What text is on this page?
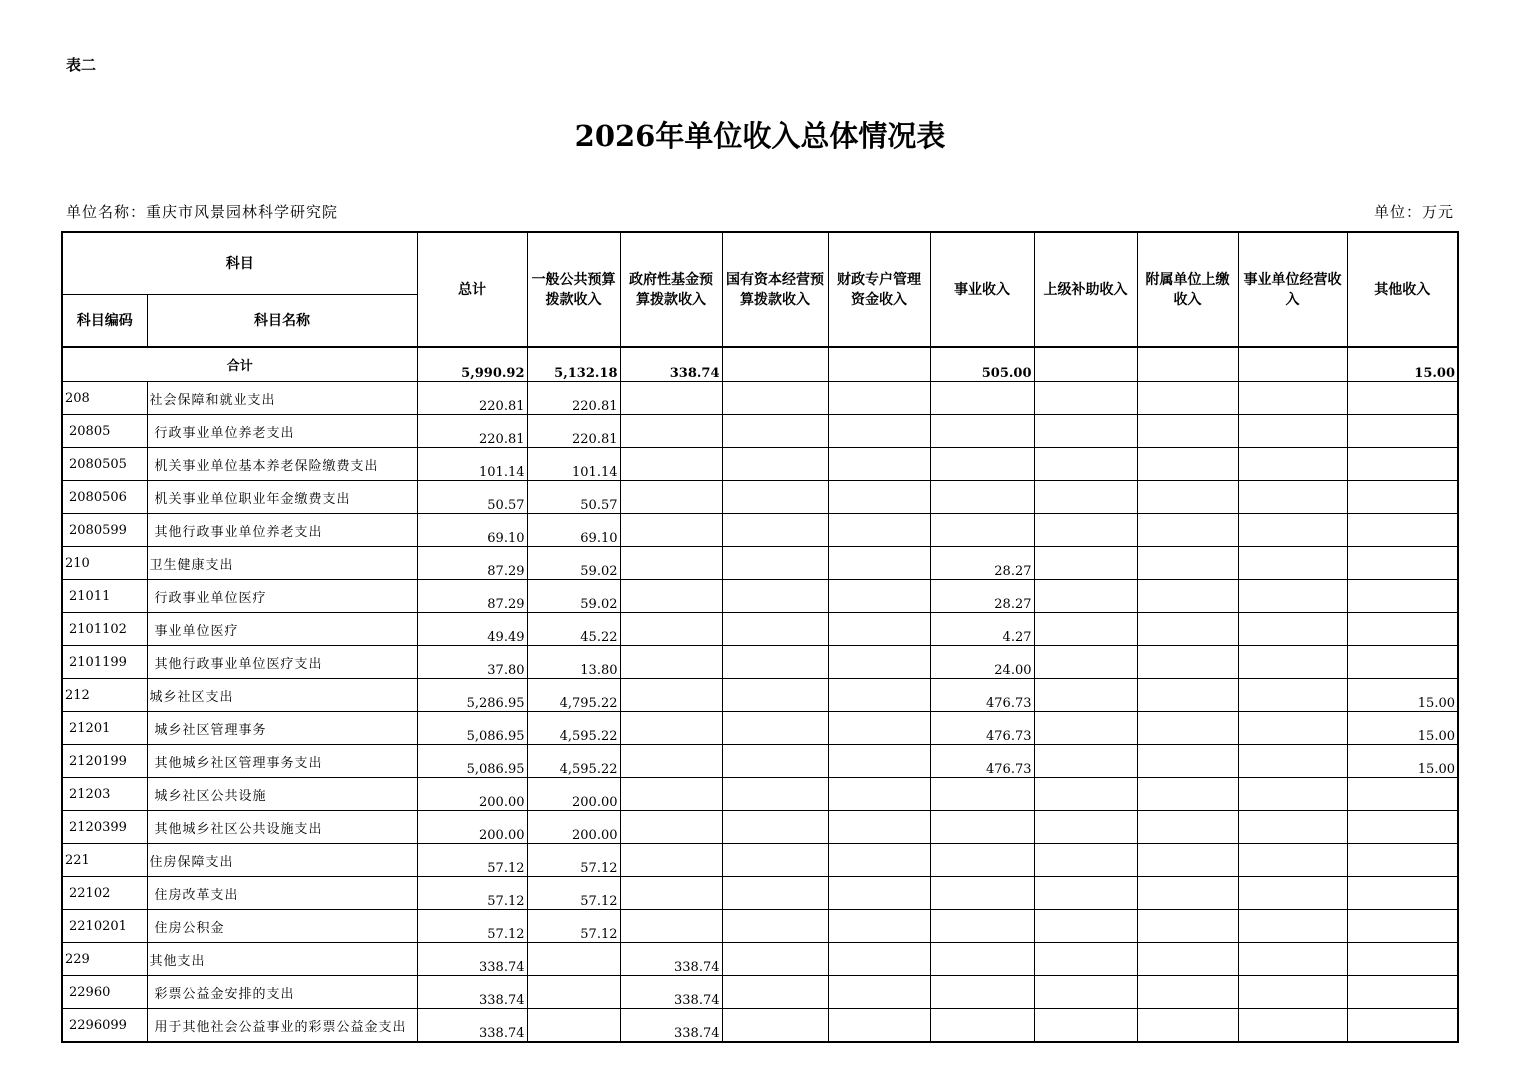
表二
2026年单位收入总体情况表
单位名称：重庆市风景园林科学研究院	单位：万元
科目		总计	一般公共预算拨款收入	政府性基金预算拨款收入	国有资本经营预算拨款收入	财政专户管理资金收入	事业收入	上级补助收入	附属单位上缴收入	事业单位经营收入	其他收入
科目编码	科目名称										
合计		5,990.92	5,132.18	338.74			505.00				15.00
208	社会保障和就业支出	220.81	220.81								
20805	行政事业单位养老支出	220.81	220.81								
2080505	机关事业单位基本养老保险缴费支出	101.14	101.14								
2080506	机关事业单位职业年金缴费支出	50.57	50.57								
2080599	其他行政事业单位养老支出	69.10	69.10								
210	卫生健康支出	87.29	59.02				28.27				
21011	行政事业单位医疗	87.29	59.02				28.27				
2101102	事业单位医疗	49.49	45.22				4.27				
2101199	其他行政事业单位医疗支出	37.80	13.80				24.00				
212	城乡社区支出	5,286.95	4,795.22				476.73				15.00
21201	城乡社区管理事务	5,086.95	4,595.22				476.73				15.00
2120199	其他城乡社区管理事务支出	5,086.95	4,595.22				476.73				15.00
21203	城乡社区公共设施	200.00	200.00								
2120399	其他城乡社区公共设施支出	200.00	200.00								
221	住房保障支出	57.12	57.12								
22102	住房改革支出	57.12	57.12								
2210201	住房公积金	57.12	57.12								
229	其他支出	338.74		338.74							
22960	彩票公益金安排的支出	338.74		338.74							
2296099	用于其他社会公益事业的彩票公益金支出	338.74		338.74							
